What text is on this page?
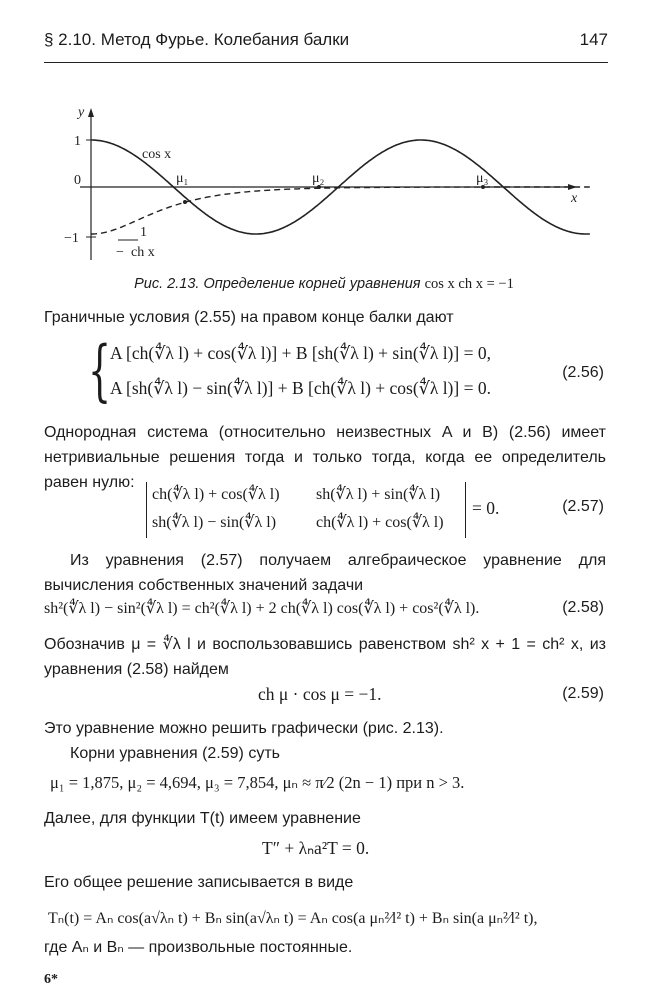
§ 2.10. Метод Фурье. Колебания балки	147
y
x
1
0
−1
cos x
−
1
ch x
μ₁	μ₂	μ₃
Рис. 2.13. Определение корней уравнения cos x ch x = −1
Граничные условия (2.55) на правом конце балки дают
{
A [ch(∜λ l) + cos(∜λ l)] + B [sh(∜λ l) + sin(∜λ l)] = 0,
A [sh(∜λ l) − sin(∜λ l)] + B [ch(∜λ l) + cos(∜λ l)] = 0.
(2.56)
Однородная система (относительно неизвестных A и B) (2.56) имеет нетривиальные решения тогда и только тогда, когда ее определитель равен нулю:
ch(∜λ l) + cos(∜λ l) sh(∜λ l) + sin(∜λ l)
sh(∜λ l) − sin(∜λ l) ch(∜λ l) + cos(∜λ l)
= 0.	(2.57)
Из уравнения (2.57) получаем алгебраическое уравнение для вычисления собственных значений задачи
sh²(∜λ l) − sin²(∜λ l) = ch²(∜λ l) + 2 ch(∜λ l) cos(∜λ l) + cos²(∜λ l).	(2.58)
Обозначив μ = ∜λ l и воспользовавшись равенством sh² x + 1 = ch² x, из уравнения (2.58) найдем
ch μ · cos μ = −1.	(2.59)
Это уравнение можно решить графически (рис. 2.13).
Корни уравнения (2.59) суть
μ₁ = 1,875, μ₂ = 4,694, μ₃ = 7,854, μₙ ≈ π⁄2 (2n − 1) при n > 3.
Далее, для функции T(t) имеем уравнение
T″ + λₙa²T = 0.
Его общее решение записывается в виде
Tₙ(t) = Aₙ cos(a√λₙ t) + Bₙ sin(a√λₙ t) = Aₙ cos(a μₙ²⁄l² t) + Bₙ sin(a μₙ²⁄l² t),
где Aₙ и Bₙ — произвольные постоянные.
6*
